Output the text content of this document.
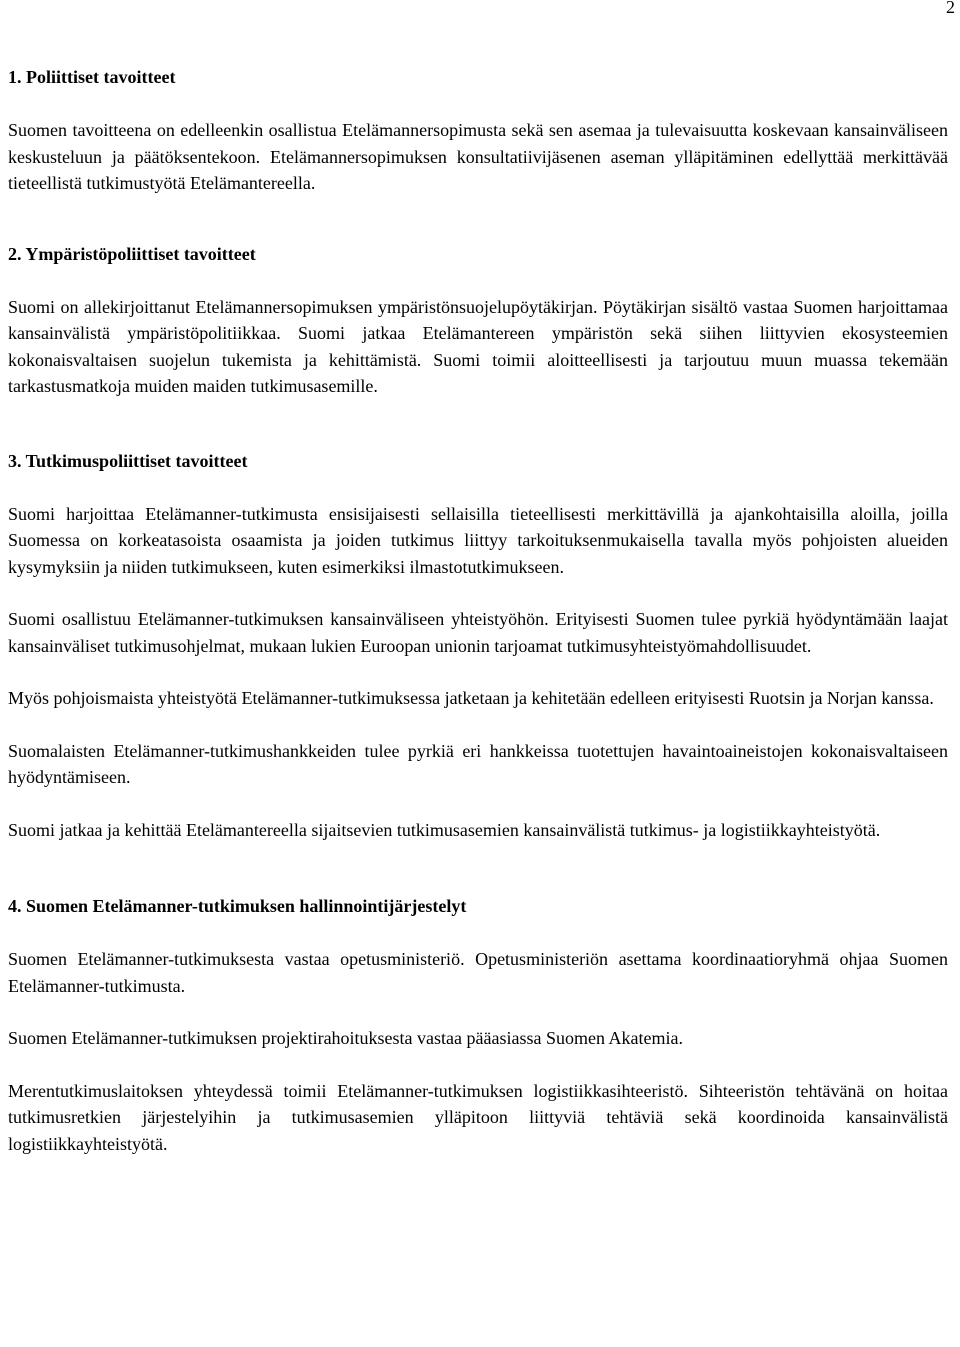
2
1. Poliittiset tavoitteet

Suomen tavoitteena on edelleenkin osallistua Etelämannersopimusta sekä sen asemaa ja tulevaisuutta koskevaan kansainväliseen keskusteluun ja päätöksentekoon. Etelämannersopimuksen konsultatiivijäsenen aseman ylläpitäminen edellyttää merkittävää tieteellistä tutkimustyötä Etelämantereella.

2. Ympäristöpoliittiset tavoitteet

Suomi on allekirjoittanut Etelämannersopimuksen ympäristönsuojelupöytäkirjan. Pöytäkirjan sisältö vastaa Suomen harjoittamaa kansainvälistä ympäristöpolitiikkaa. Suomi jatkaa Etelämantereen ympäristön sekä siihen liittyvien ekosysteemien kokonaisvaltaisen suojelun tukemista ja kehittämistä. Suomi toimii aloitteellisesti ja tarjoutuu muun muassa tekemään tarkastusmatkoja muiden maiden tutkimusasemille.

3. Tutkimuspoliittiset tavoitteet

Suomi harjoittaa Etelämanner-tutkimusta ensisijaisesti sellaisilla tieteellisesti merkittävillä ja ajankohtaisilla aloilla, joilla Suomessa on korkeatasoista osaamista ja joiden tutkimus liittyy tarkoituksenmukaisella tavalla myös pohjoisten alueiden kysymyksiin ja niiden tutkimukseen, kuten esimerkiksi ilmastotutkimukseen.

Suomi osallistuu Etelämanner-tutkimuksen kansainväliseen yhteistyöhön. Erityisesti Suomen tulee pyrkiä hyödyntämään laajat kansainväliset tutkimusohjelmat, mukaan lukien Euroopan unionin tarjoamat tutkimusyhteistyömahdollisuudet.

Myös pohjoismaista yhteistyötä Etelämanner-tutkimuksessa jatketaan ja kehitetään edelleen erityisesti Ruotsin ja Norjan kanssa.

Suomalaisten Etelämanner-tutkimushankkeiden tulee pyrkiä eri hankkeissa tuotettujen havaintoaineistojen kokonaisvaltaiseen hyödyntämiseen.

Suomi jatkaa ja kehittää Etelämantereella sijaitsevien tutkimusasemien kansainvälistä tutkimus- ja logistiikkayhteistyötä.

4. Suomen Etelämanner-tutkimuksen hallinnointijärjestelyt

Suomen Etelämanner-tutkimuksesta vastaa opetusministeriö. Opetusministeriön asettama koordinaatioryhmä ohjaa Suomen Etelämanner-tutkimusta.

Suomen Etelämanner-tutkimuksen projektirahoituksesta vastaa pääasiassa Suomen Akatemia.

Merentutkimuslaitoksen yhteydessä toimii Etelämanner-tutkimuksen logistiikkasihteeristö. Sihteeristön tehtävänä on hoitaa tutkimusretkien järjestelyihin ja tutkimusasemien ylläpitoon liittyviä tehtäviä sekä koordinoida kansainvälistä logistiikkayhteistyötä.
